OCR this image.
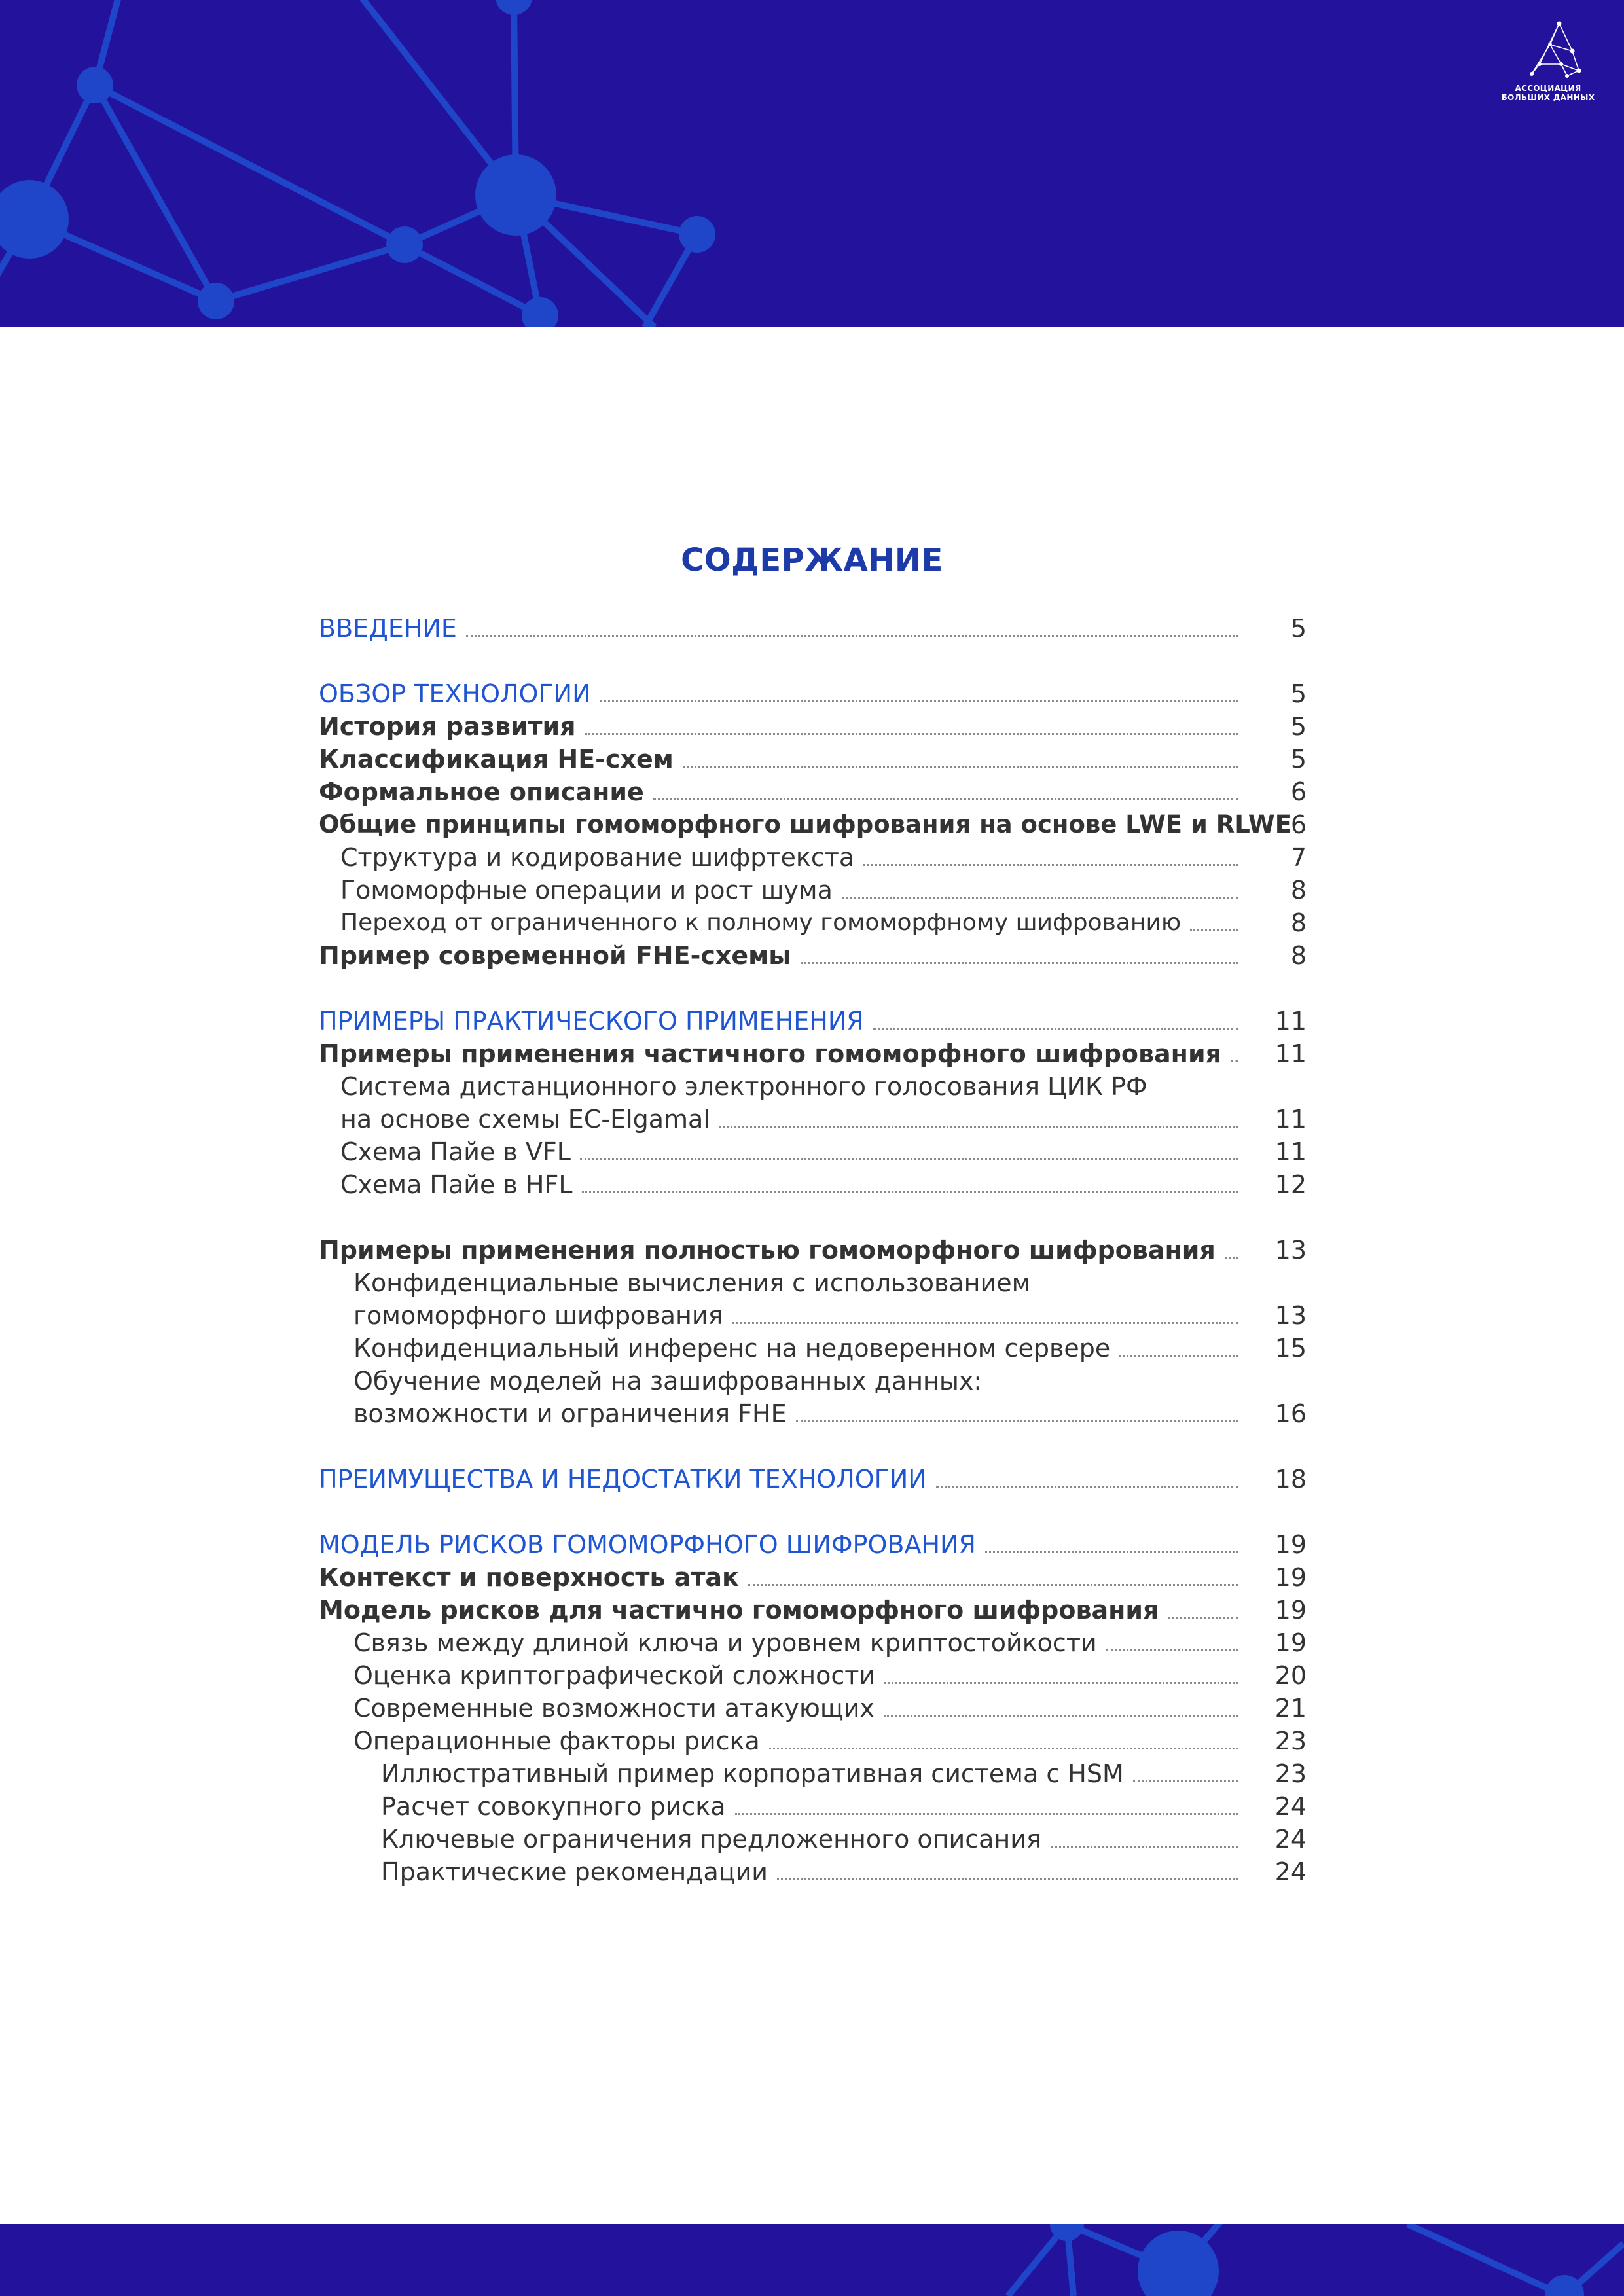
АССОЦИАЦИЯ
БОЛЬШИХ ДАННЫХ
СОДЕРЖАНИЕ
ВВЕДЕНИЕ
ОБЗОР ТЕХНОЛОГИИ
История развития
Классификация HE-схем
Формальное описание
Общие принципы гомоморфного шифрования на основе LWE и RLWE
Структура и кодирование шифртекста
Гомоморфные операции и рост шума
Переход от ограниченного к полному гомоморфному шифрованию
Пример современной FHE-схемы
ПРИМЕРЫ ПРАКТИЧЕСКОГО ПРИМЕНЕНИЯ
Примеры применения частичного гомоморфного шифрования
Система дистанционного электронного голосования ЦИК РФ
на основе схемы EC-Elgamal
Схема Пайе в VFL
Схема Пайе в HFL
Примеры применения полностью гомоморфного шифрования
Конфиденциальные вычисления с использованием
гомоморфного шифрования
Конфиденциальный инференс на недоверенном сервере
Обучение моделей на зашифрованных данных:
возможности и ограничения FHE
ПРЕИМУЩЕСТВА И НЕДОСТАТКИ ТЕХНОЛОГИИ
МОДЕЛЬ РИСКОВ ГОМОМОРФНОГО ШИФРОВАНИЯ
Контекст и поверхность атак
Модель рисков для частично гомоморфного шифрования
Связь между длиной ключа и уровнем криптостойкости
Оценка криптографической сложности
Современные возможности атакующих
Операционные факторы риска
Иллюстративный пример корпоративная система с HSM
Расчет совокупного риска
Ключевые ограничения предложенного описания
Практические рекомендации
5
5
5
5
6
6
7
8
8
8
11
11
11
11
12
13
13
15
16
18
19
19
19
19
20
21
23
23
24
24
24
